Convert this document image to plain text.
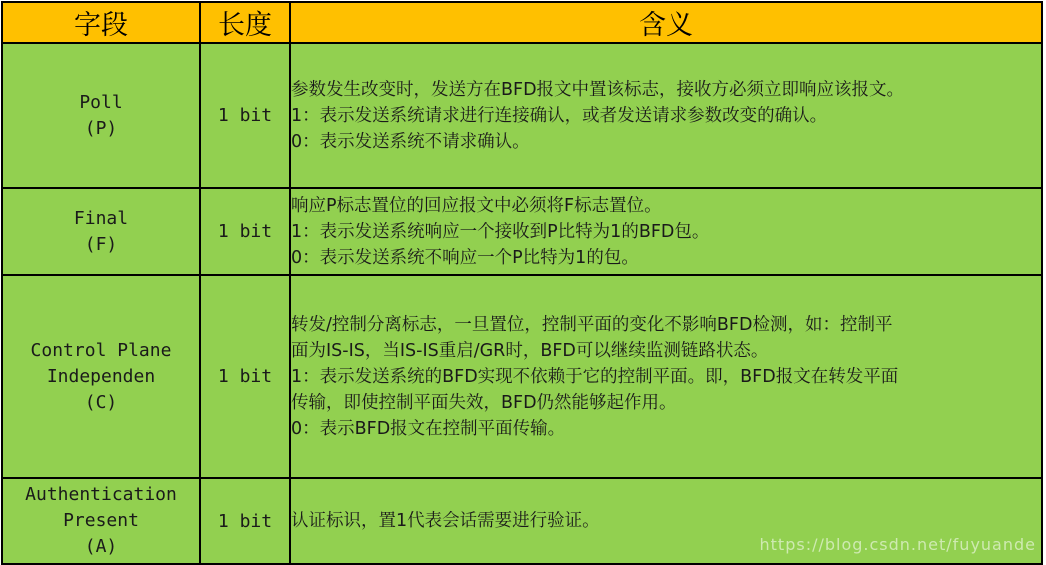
字段	长度	含义

Poll
(P)	1 bit	参数发生改变时，发送方在BFD报文中置该标志，接收方必须立即响应该报文。
1：表示发送系统请求进行连接确认，或者发送请求参数改变的确认。
0：表示发送系统不请求确认。

Final
(F)	1 bit	响应P标志置位的回应报文中必须将F标志置位。
1：表示发送系统响应一个接收到P比特为1的BFD包。
0：表示发送系统不响应一个P比特为1的包。

Control Plane
Independen
(C)	1 bit	转发/控制分离标志，一旦置位，控制平面的变化不影响BFD检测，如：控制平
面为IS-IS，当IS-IS重启/GR时，BFD可以继续监测链路状态。
1：表示发送系统的BFD实现不依赖于它的控制平面。即，BFD报文在转发平面
传输，即使控制平面失效，BFD仍然能够起作用。
0：表示BFD报文在控制平面传输。

Authentication
Present
(A)	1 bit	认证标识，置1代表会话需要进行验证。
https://blog.csdn.net/fuyuande
